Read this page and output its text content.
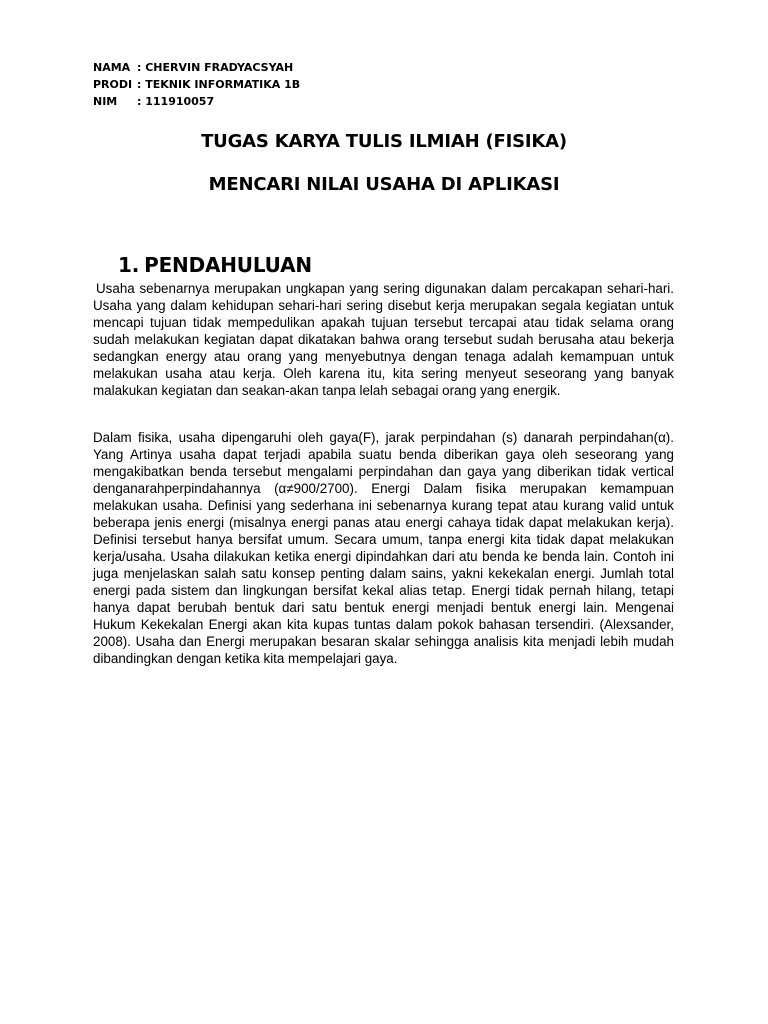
NAMA : CHERVIN FRADYACSYAH
PRODI : TEKNIK INFORMATIKA 1B
NIM	: 111910057
TUGAS KARYA TULIS ILMIAH (FISIKA)
MENCARI NILAI USAHA DI APLIKASI
1. PENDAHULUAN

Usaha sebenarnya merupakan ungkapan yang sering digunakan dalam percakapan sehari-hari. Usaha yang dalam kehidupan sehari-hari sering disebut kerja merupakan segala kegiatan untuk mencapi tujuan tidak mempedulikan apakah tujuan tersebut tercapai atau tidak selama orang sudah melakukan kegiatan dapat dikatakan bahwa orang tersebut sudah berusaha atau bekerja sedangkan energy atau orang yang menyebutnya dengan tenaga adalah kemampuan untuk melakukan usaha atau kerja. Oleh karena itu, kita sering menyeut seseorang yang banyak malakukan kegiatan dan seakan-akan tanpa lelah sebagai orang yang energik.

Dalam fisika, usaha dipengaruhi oleh gaya(F), jarak perpindahan (s) danarah perpindahan(α). Yang Artinya usaha dapat terjadi apabila suatu benda diberikan gaya oleh seseorang yang mengakibatkan benda tersebut mengalami perpindahan dan gaya yang diberikan tidak vertical denganarahperpindahannya (α≠900/2700). Energi Dalam fisika merupakan kemampuan melakukan usaha. Definisi yang sederhana ini sebenarnya kurang tepat atau kurang valid untuk beberapa jenis energi (misalnya energi panas atau energi cahaya tidak dapat melakukan kerja). Definisi tersebut hanya bersifat umum. Secara umum, tanpa energi kita tidak dapat melakukan kerja/usaha. Usaha dilakukan ketika energi dipindahkan dari atu benda ke benda lain. Contoh ini juga menjelaskan salah satu konsep penting dalam sains, yakni kekekalan energi. Jumlah total energi pada sistem dan lingkungan bersifat kekal alias tetap. Energi tidak pernah hilang, tetapi hanya dapat berubah bentuk dari satu bentuk energi menjadi bentuk energi lain. Mengenai Hukum Kekekalan Energi akan kita kupas tuntas dalam pokok bahasan tersendiri. (Alexsander, 2008). Usaha dan Energi merupakan besaran skalar sehingga analisis kita menjadi lebih mudah dibandingkan dengan ketika kita mempelajari gaya.
